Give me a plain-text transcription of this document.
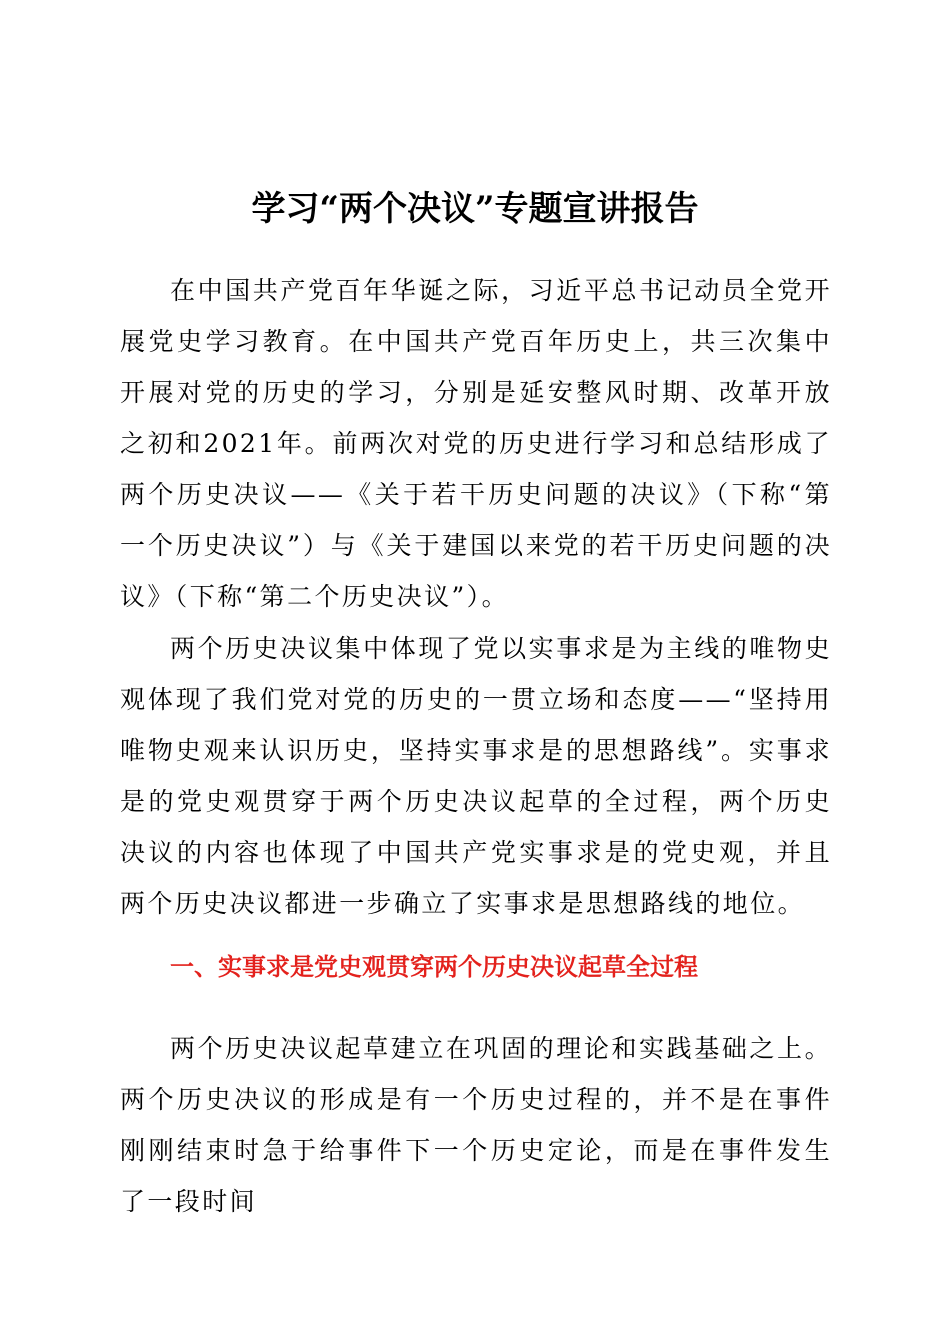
学习“两个决议”专题宣讲报告

在中国共产党百年华诞之际，习近平总书记动员全党开展党史学习教育。在中国共产党百年历史上，共三次集中开展对党的历史的学习，分别是延安整风时期、改革开放之初和2021年。前两次对党的历史进行学习和总结形成了两个历史决议——《关于若干历史问题的决议》（下称“第一个历史决议”）与《关于建国以来党的若干历史问题的决议》（下称“第二个历史决议”）。

两个历史决议集中体现了党以实事求是为主线的唯物史观体现了我们党对党的历史的一贯立场和态度——“坚持用唯物史观来认识历史，坚持实事求是的思想路线”。实事求是的党史观贯穿于两个历史决议起草的全过程，两个历史决议的内容也体现了中国共产党实事求是的党史观，并且两个历史决议都进一步确立了实事求是思想路线的地位。

一、实事求是党史观贯穿两个历史决议起草全过程

两个历史决议起草建立在巩固的理论和实践基础之上。两个历史决议的形成是有一个历史过程的，并不是在事件刚刚结束时急于给事件下一个历史定论，而是在事件发生了一段时间
